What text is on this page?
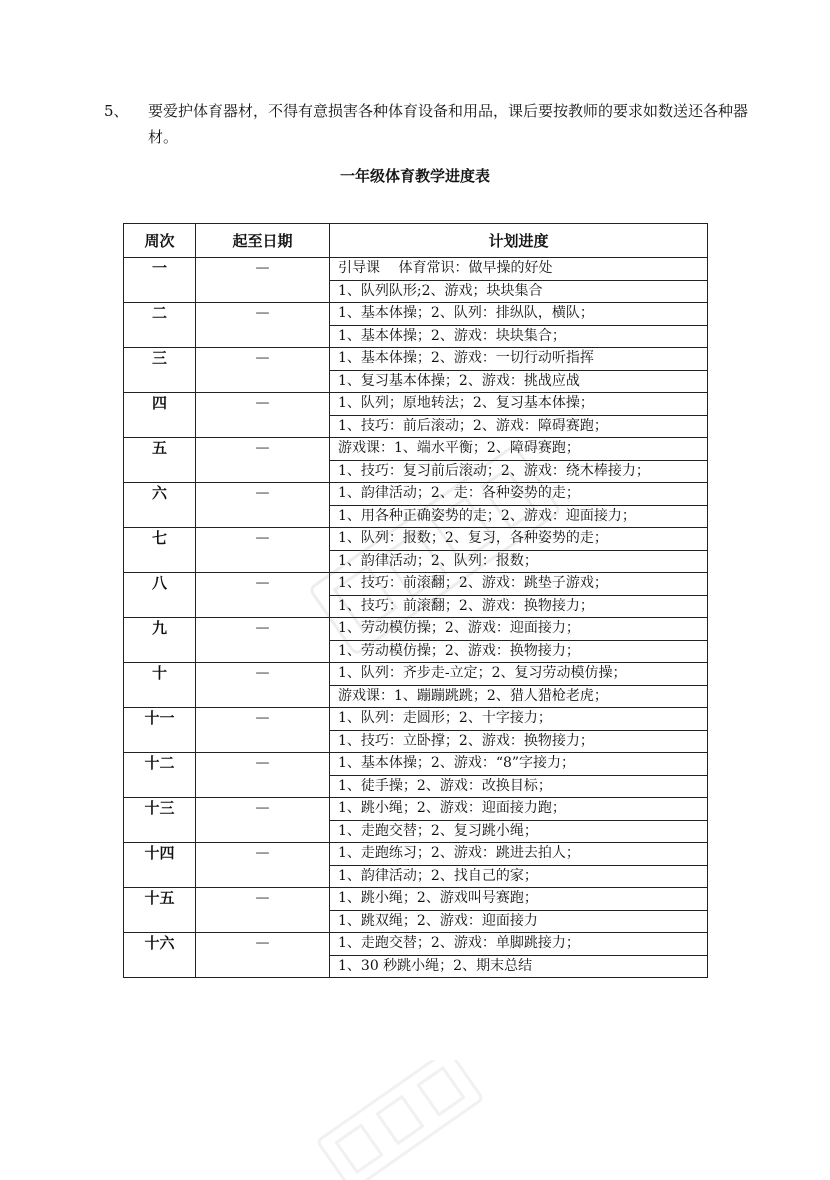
5、 要爱护体育器材，不得有意损害各种体育设备和用品，课后要按教师的要求如数送还各种器材。
一年级体育教学进度表
周次	起至日期	计划进度
一	—	引导课　 体育常识：做早操的好处
		1、队列队形;2、游戏；块块集合
二	—	1、基本体操；2、队列：排纵队，横队；
		1、基本体操；2、游戏：块块集合；
三	—	1、基本体操；2、游戏：一切行动听指挥
		1、复习基本体操；2、游戏：挑战应战
四	—	1、队列；原地转法；2、复习基本体操；
		1、技巧：前后滚动；2、游戏：障碍赛跑；
五	—	游戏课：1、端水平衡；2、障碍赛跑；
		1、技巧：复习前后滚动；2、游戏：绕木棒接力；
六	—	1、韵律活动；2、走：各种姿势的走；
		1、用各种正确姿势的走；2、游戏：迎面接力；
七	—	1、队列：报数；2、复习，各种姿势的走；
		1、韵律活动；2、队列：报数；
八	—	1、技巧：前滚翻；2、游戏：跳垫子游戏；
		1、技巧：前滚翻；2、游戏：换物接力；
九	—	1、劳动模仿操；2、游戏：迎面接力；
		1、劳动模仿操；2、游戏：换物接力；
十	—	1、队列：齐步走-立定；2、复习劳动模仿操；
		游戏课：1、蹦蹦跳跳；2、猎人猎枪老虎；
十一	—	1、队列：走圆形；2、十字接力；
		1、技巧：立卧撑；2、游戏：换物接力；
十二	—	1、基本体操；2、游戏：“8”字接力；
		1、徒手操；2、游戏：改换目标；
十三	—	1、跳小绳；2、游戏：迎面接力跑；
		1、走跑交替；2、复习跳小绳；
十四	—	1、走跑练习；2、游戏：跳进去拍人；
		1、韵律活动；2、找自己的家；
十五	—	1、跳小绳；2、游戏叫号赛跑；
		1、跳双绳；2、游戏：迎面接力
十六	—	1、走跑交替；2、游戏：单脚跳接力；
		1、30 秒跳小绳；2、期末总结
